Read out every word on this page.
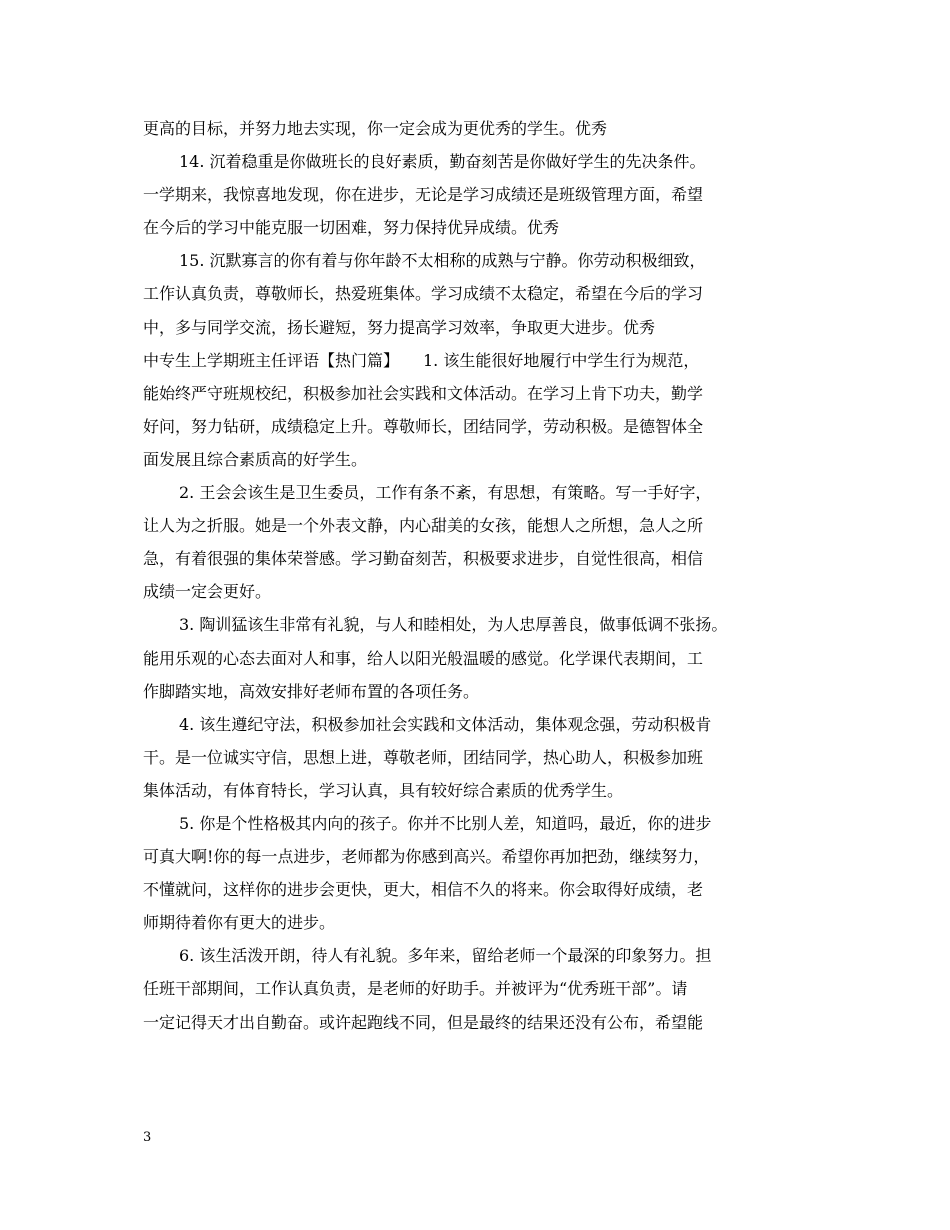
更高的目标，并努力地去实现，你一定会成为更优秀的学生。优秀
14. 沉着稳重是你做班长的良好素质，勤奋刻苦是你做好学生的先决条件。
一学期来，我惊喜地发现，你在进步，无论是学习成绩还是班级管理方面，希望
在今后的学习中能克服一切困难，努力保持优异成绩。优秀
15. 沉默寡言的你有着与你年龄不太相称的成熟与宁静。你劳动积极细致，
工作认真负责，尊敬师长，热爱班集体。学习成绩不太稳定，希望在今后的学习
中，多与同学交流，扬长避短，努力提高学习效率，争取更大进步。优秀
中专生上学期班主任评语【热门篇】　　1. 该生能很好地履行中学生行为规范，
能始终严守班规校纪，积极参加社会实践和文体活动。在学习上肯下功夫，勤学
好问，努力钻研，成绩稳定上升。尊敬师长，团结同学，劳动积极。是德智体全
面发展且综合素质高的好学生。
2. 王会会该生是卫生委员，工作有条不紊，有思想，有策略。写一手好字，
让人为之折服。她是一个外表文静，内心甜美的女孩，能想人之所想，急人之所
急，有着很强的集体荣誉感。学习勤奋刻苦，积极要求进步，自觉性很高，相信
成绩一定会更好。
3. 陶训猛该生非常有礼貌，与人和睦相处，为人忠厚善良，做事低调不张扬。
能用乐观的心态去面对人和事，给人以阳光般温暖的感觉。化学课代表期间，工
作脚踏实地，高效安排好老师布置的各项任务。
4. 该生遵纪守法，积极参加社会实践和文体活动，集体观念强，劳动积极肯
干。是一位诚实守信，思想上进，尊敬老师，团结同学，热心助人，积极参加班
集体活动，有体育特长，学习认真，具有较好综合素质的优秀学生。
5. 你是个性格极其内向的孩子。你并不比别人差，知道吗，最近，你的进步
可真大啊!你的每一点进步，老师都为你感到高兴。希望你再加把劲，继续努力，
不懂就问，这样你的进步会更快，更大，相信不久的将来。你会取得好成绩，老
师期待着你有更大的进步。
6. 该生活泼开朗，待人有礼貌。多年来，留给老师一个最深的印象努力。担
任班干部期间，工作认真负责，是老师的好助手。并被评为“优秀班干部”。请
一定记得天才出自勤奋。或许起跑线不同，但是最终的结果还没有公布，希望能
3
